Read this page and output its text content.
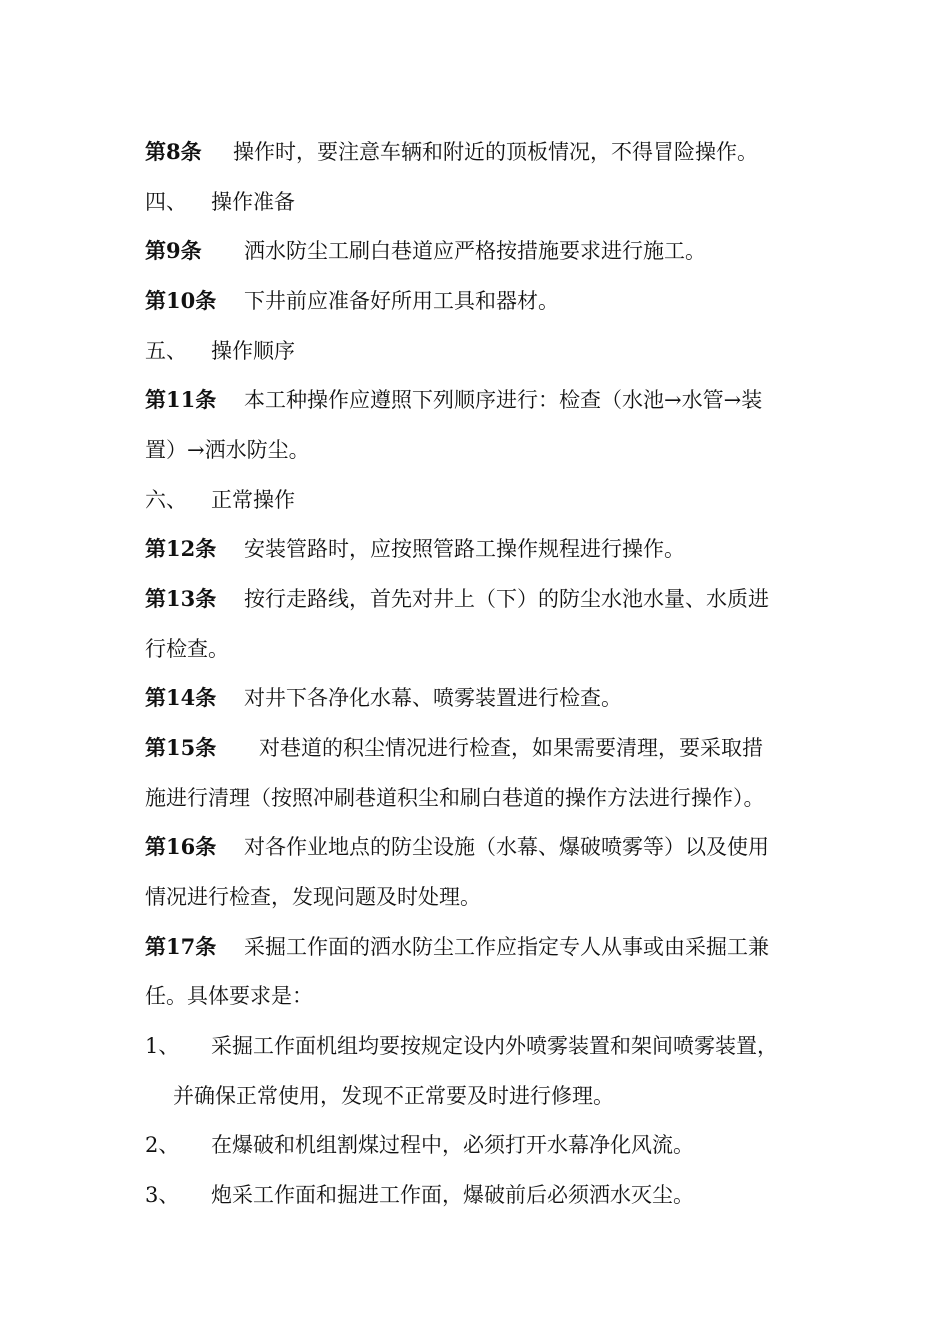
第8条 操作时，要注意车辆和附近的顶板情况，不得冒险操作。
四、 操作准备
第9条 洒水防尘工刷白巷道应严格按措施要求进行施工。
第10条 下井前应准备好所用工具和器材。
五、 操作顺序
第11条 本工种操作应遵照下列顺序进行：检查（水池→水管→装
置）→洒水防尘。
六、 正常操作
第12条 安装管路时，应按照管路工操作规程进行操作。
第13条 按行走路线，首先对井上（下）的防尘水池水量、水质进
行检查。
第14条 对井下各净化水幕、喷雾装置进行检查。
第15条 对巷道的积尘情况进行检查，如果需要清理，要采取措
施进行清理（按照冲刷巷道积尘和刷白巷道的操作方法进行操作）。
第16条 对各作业地点的防尘设施（水幕、爆破喷雾等）以及使用
情况进行检查，发现问题及时处理。
第17条 采掘工作面的洒水防尘工作应指定专人从事或由采掘工兼
任。具体要求是：
1、 采掘工作面机组均要按规定设内外喷雾装置和架间喷雾装置，
并确保正常使用，发现不正常要及时进行修理。
2、 在爆破和机组割煤过程中，必须打开水幕净化风流。
3、 炮采工作面和掘进工作面，爆破前后必须洒水灭尘。
